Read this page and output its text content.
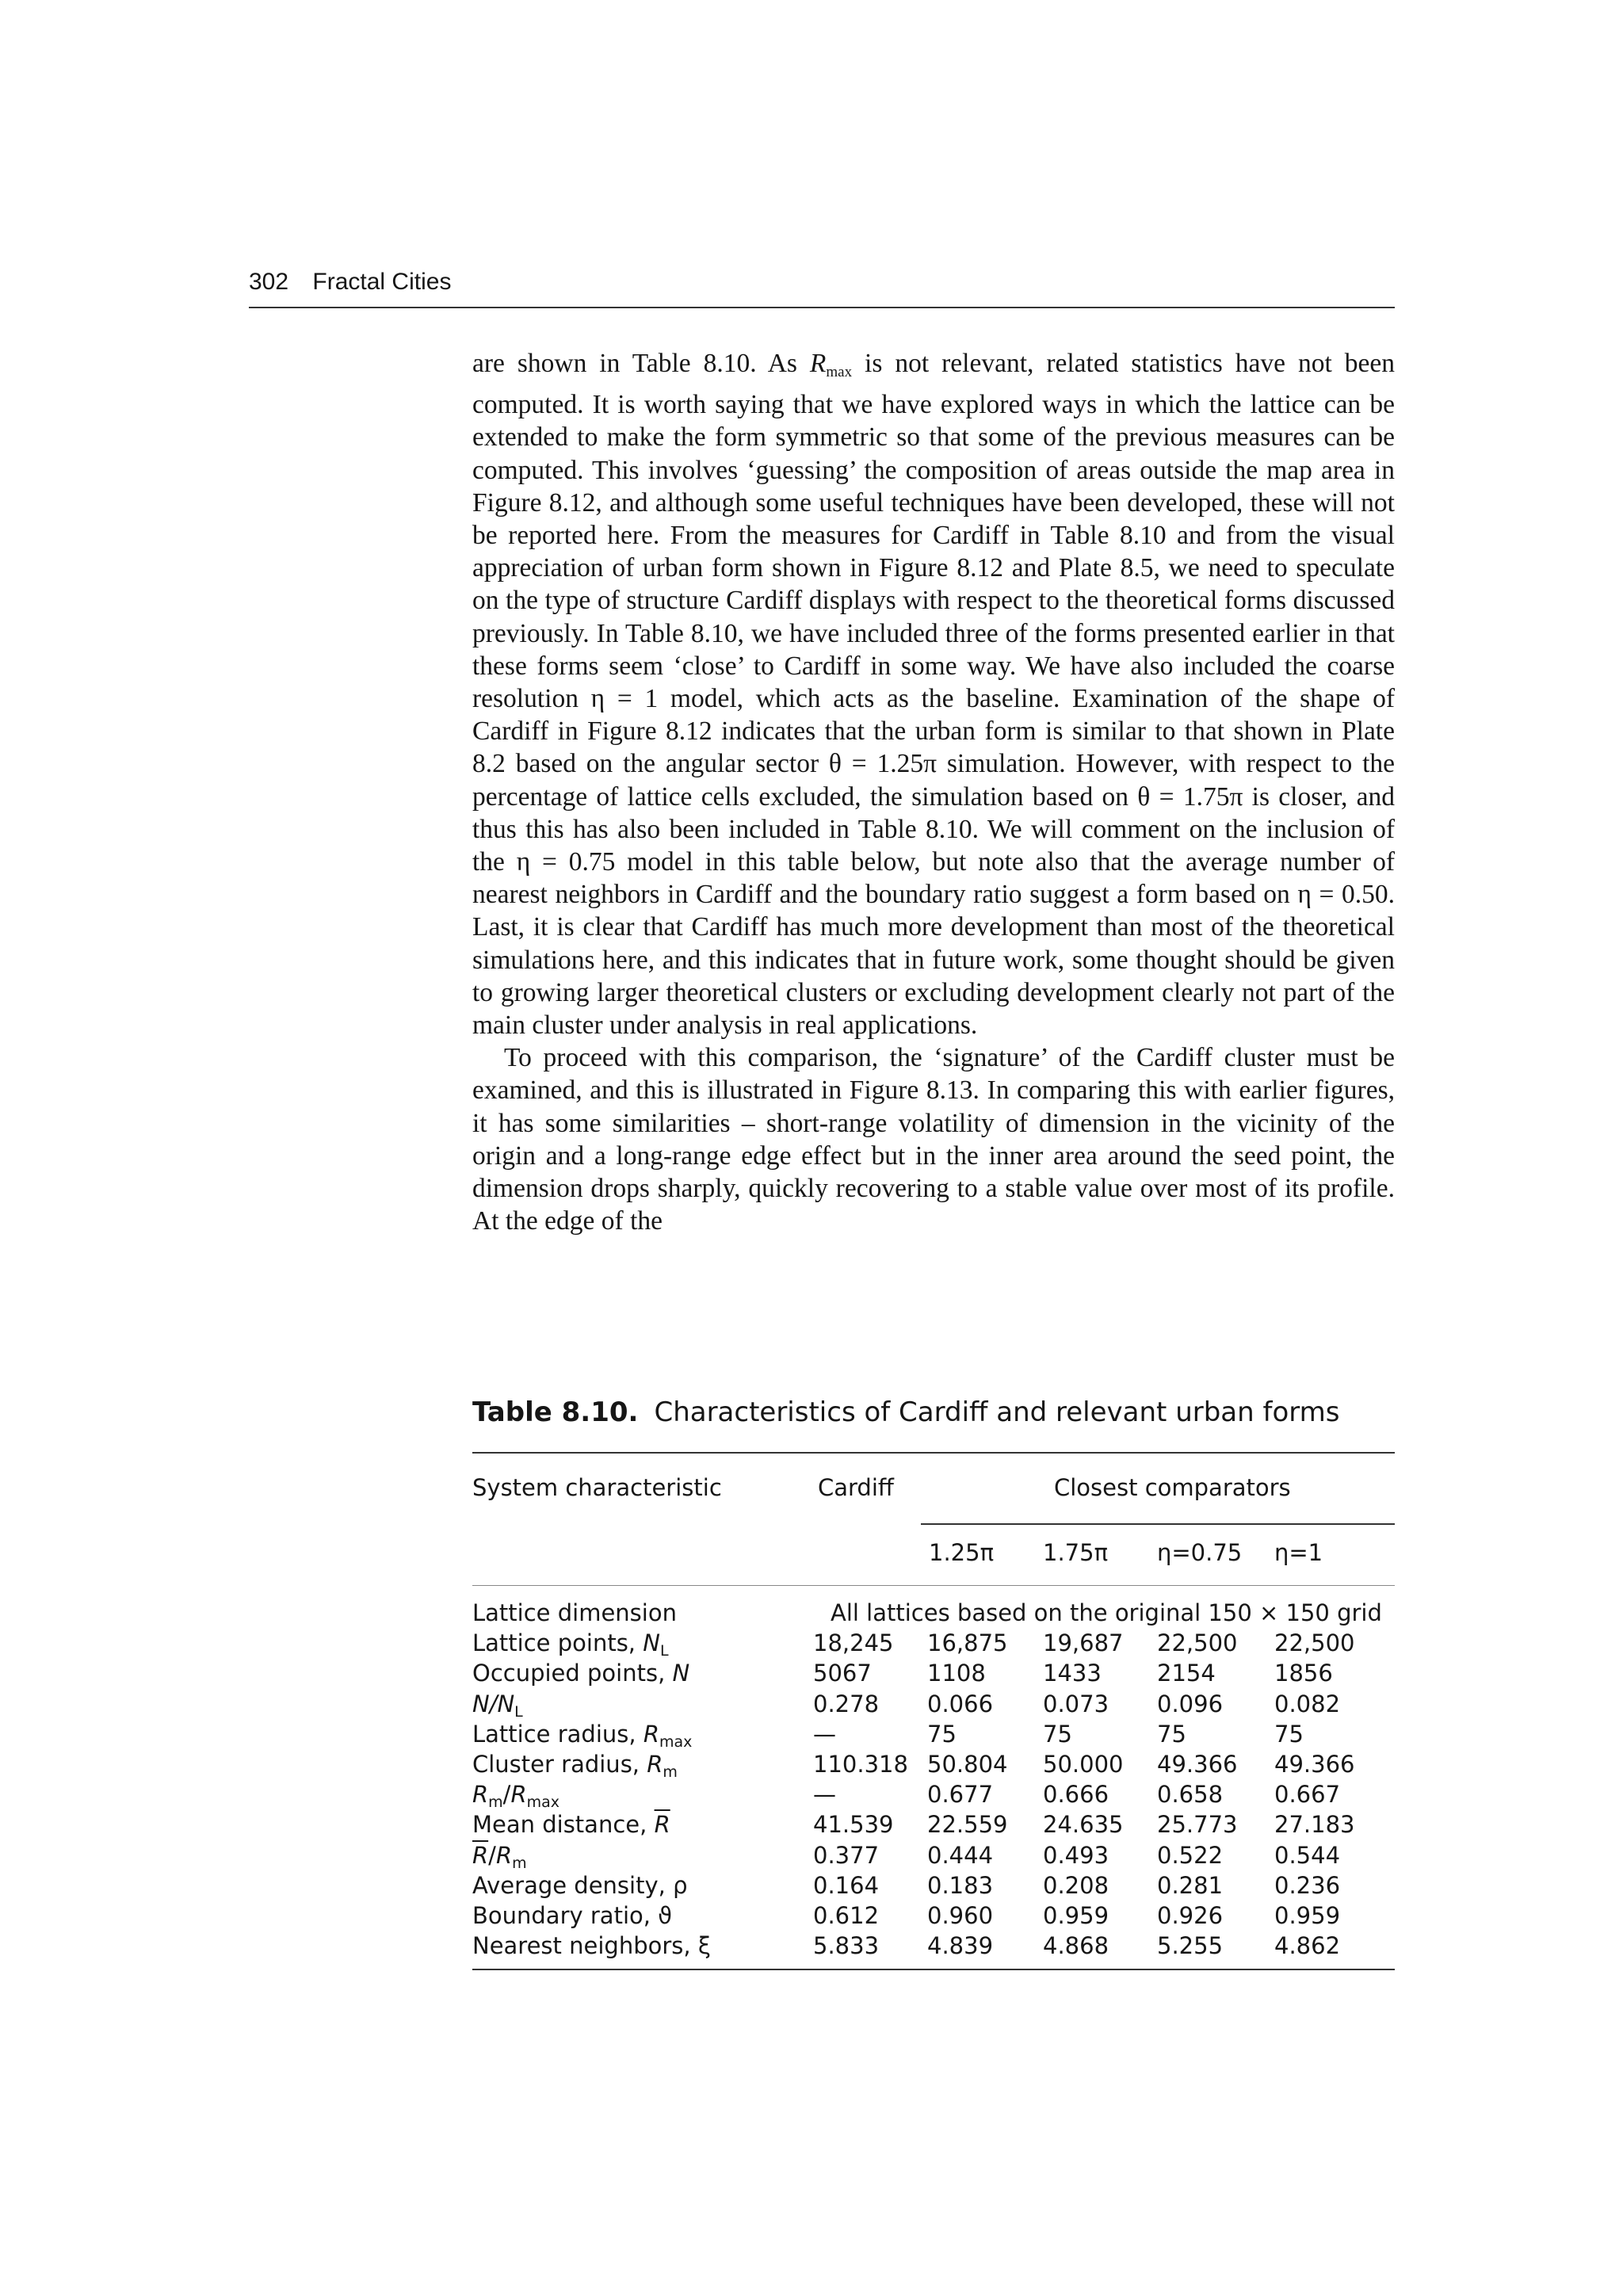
302 Fractal Cities

are shown in Table 8.10. As $R_{max}$ is not relevant, related statistics have not been computed. It is worth saying that we have explored ways in which the lattice can be extended to make the form symmetric so that some of the previous measures can be computed. This involves ‘guessing’ the composition of areas outside the map area in Figure 8.12, and although some useful techniques have been developed, these will not be reported here. From the measures for Cardiff in Table 8.10 and from the visual appreciation of urban form shown in Figure 8.12 and Plate 8.5, we need to speculate on the type of structure Cardiff displays with respect to the theoretical forms discussed previously. In Table 8.10, we have included three of the forms presented earlier in that these forms seem ‘close’ to Cardiff in some way. We have also included the coarse resolution η = 1 model, which acts as the baseline. Examination of the shape of Cardiff in Figure 8.12 indicates that the urban form is similar to that shown in Plate 8.2 based on the angular sector θ = 1.25π simulation. However, with respect to the percentage of lattice cells excluded, the simulation based on θ = 1.75π is closer, and thus this has also been included in Table 8.10. We will comment on the inclusion of the η = 0.75 model in this table below, but note also that the average number of nearest neighbors in Cardiff and the boundary ratio suggest a form based on η = 0.50. Last, it is clear that Cardiff has much more development than most of the theoretical simulations here, and this indicates that in future work, some thought should be given to growing larger theoretical clusters or excluding development clearly not part of the main cluster under analysis in real applications.

To proceed with this comparison, the ‘signature’ of the Cardiff cluster must be examined, and this is illustrated in Figure 8.13. In comparing this with earlier figures, it has some similarities – short-range volatility of dimension in the vicinity of the origin and a long-range edge effect but in the inner area around the seed point, the dimension drops sharply, quickly recovering to a stable value over most of its profile. At the edge of the

Table 8.10. Characteristics of Cardiff and relevant urban forms
System characteristic	Cardiff	Closest comparators
1.25π 1.75π η=0.75 η=1
Lattice dimension
Lattice points, $N_L$
Occupied points, N
$N/N_L$
Lattice radius, $R_{max}$
Cluster radius, $R_m$
$R_m/R_{max}$
Mean distance, $\overline{R}$
$\overline{R}/R_m$
Average density, ρ
Boundary ratio, ϑ
Nearest neighbors, ξ
All lattices based on the original 150 × 150 grid
18,245
5067
0.278
—
110.318
—
41.539
0.377
0.164
0.612
5.833
16,875
1108
0.066
75
50.804
0.677
22.559
0.444
0.183
0.960
4.839
19,687
1433
0.073
75
50.000
0.666
24.635
0.493
0.208
0.959
4.868
22,500
2154
0.096
75
49.366
0.658
25.773
0.522
0.281
0.926
5.255
22,500
1856
0.082
75
49.366
0.667
27.183
0.544
0.236
0.959
4.862
